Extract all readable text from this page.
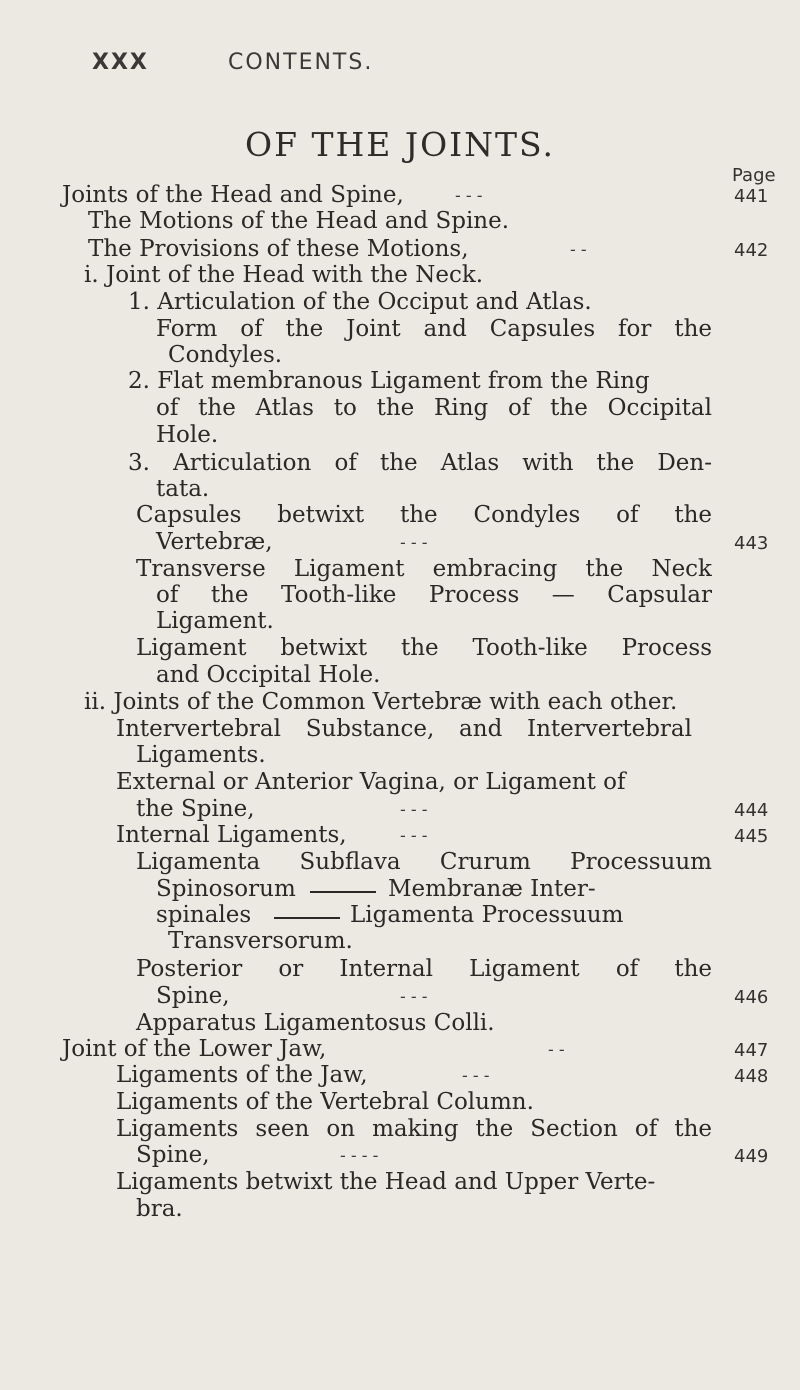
XXX	CONTENTS.
OF THE JOINTS.
Page
Joints of the Head and Spine,	- - -	441
The Motions of the Head and Spine.
The Provisions of these Motions,	- -	442
i. Joint of the Head with the Neck.
1. Articulation of the Occiput and Atlas.
Form of the Joint and Capsules for the
Condyles.
2. Flat membranous Ligament from the Ring
of the Atlas to the Ring of the Occipital
Hole.
3. Articulation of the Atlas with the Den-
tata.
Capsules betwixt the Condyles of the
Vertebræ,	- - -	443
Transverse Ligament embracing the Neck
of the Tooth-like Process — Capsular
Ligament.
Ligament betwixt the Tooth-like Process
and Occipital Hole.
ii. Joints of the Common Vertebræ with each other.
Intervertebral Substance, and Intervertebral
Ligaments.
External or Anterior Vagina, or Ligament of
the Spine,	- - -	444
Internal Ligaments,	- - -	445
Ligamenta Subflava Crurum Processuum
Spinosorum	Membranæ Inter-
spinales	Ligamenta Processuum
Transversorum.
Posterior or Internal Ligament of the
Spine,	- - -	446
Apparatus Ligamentosus Colli.
Joint of the Lower Jaw,	- -	447
Ligaments of the Jaw,	- - -	448
Ligaments of the Vertebral Column.
Ligaments seen on making the Section of the
Spine,	- - - -	449
Ligaments betwixt the Head and Upper Verte-
bra.
